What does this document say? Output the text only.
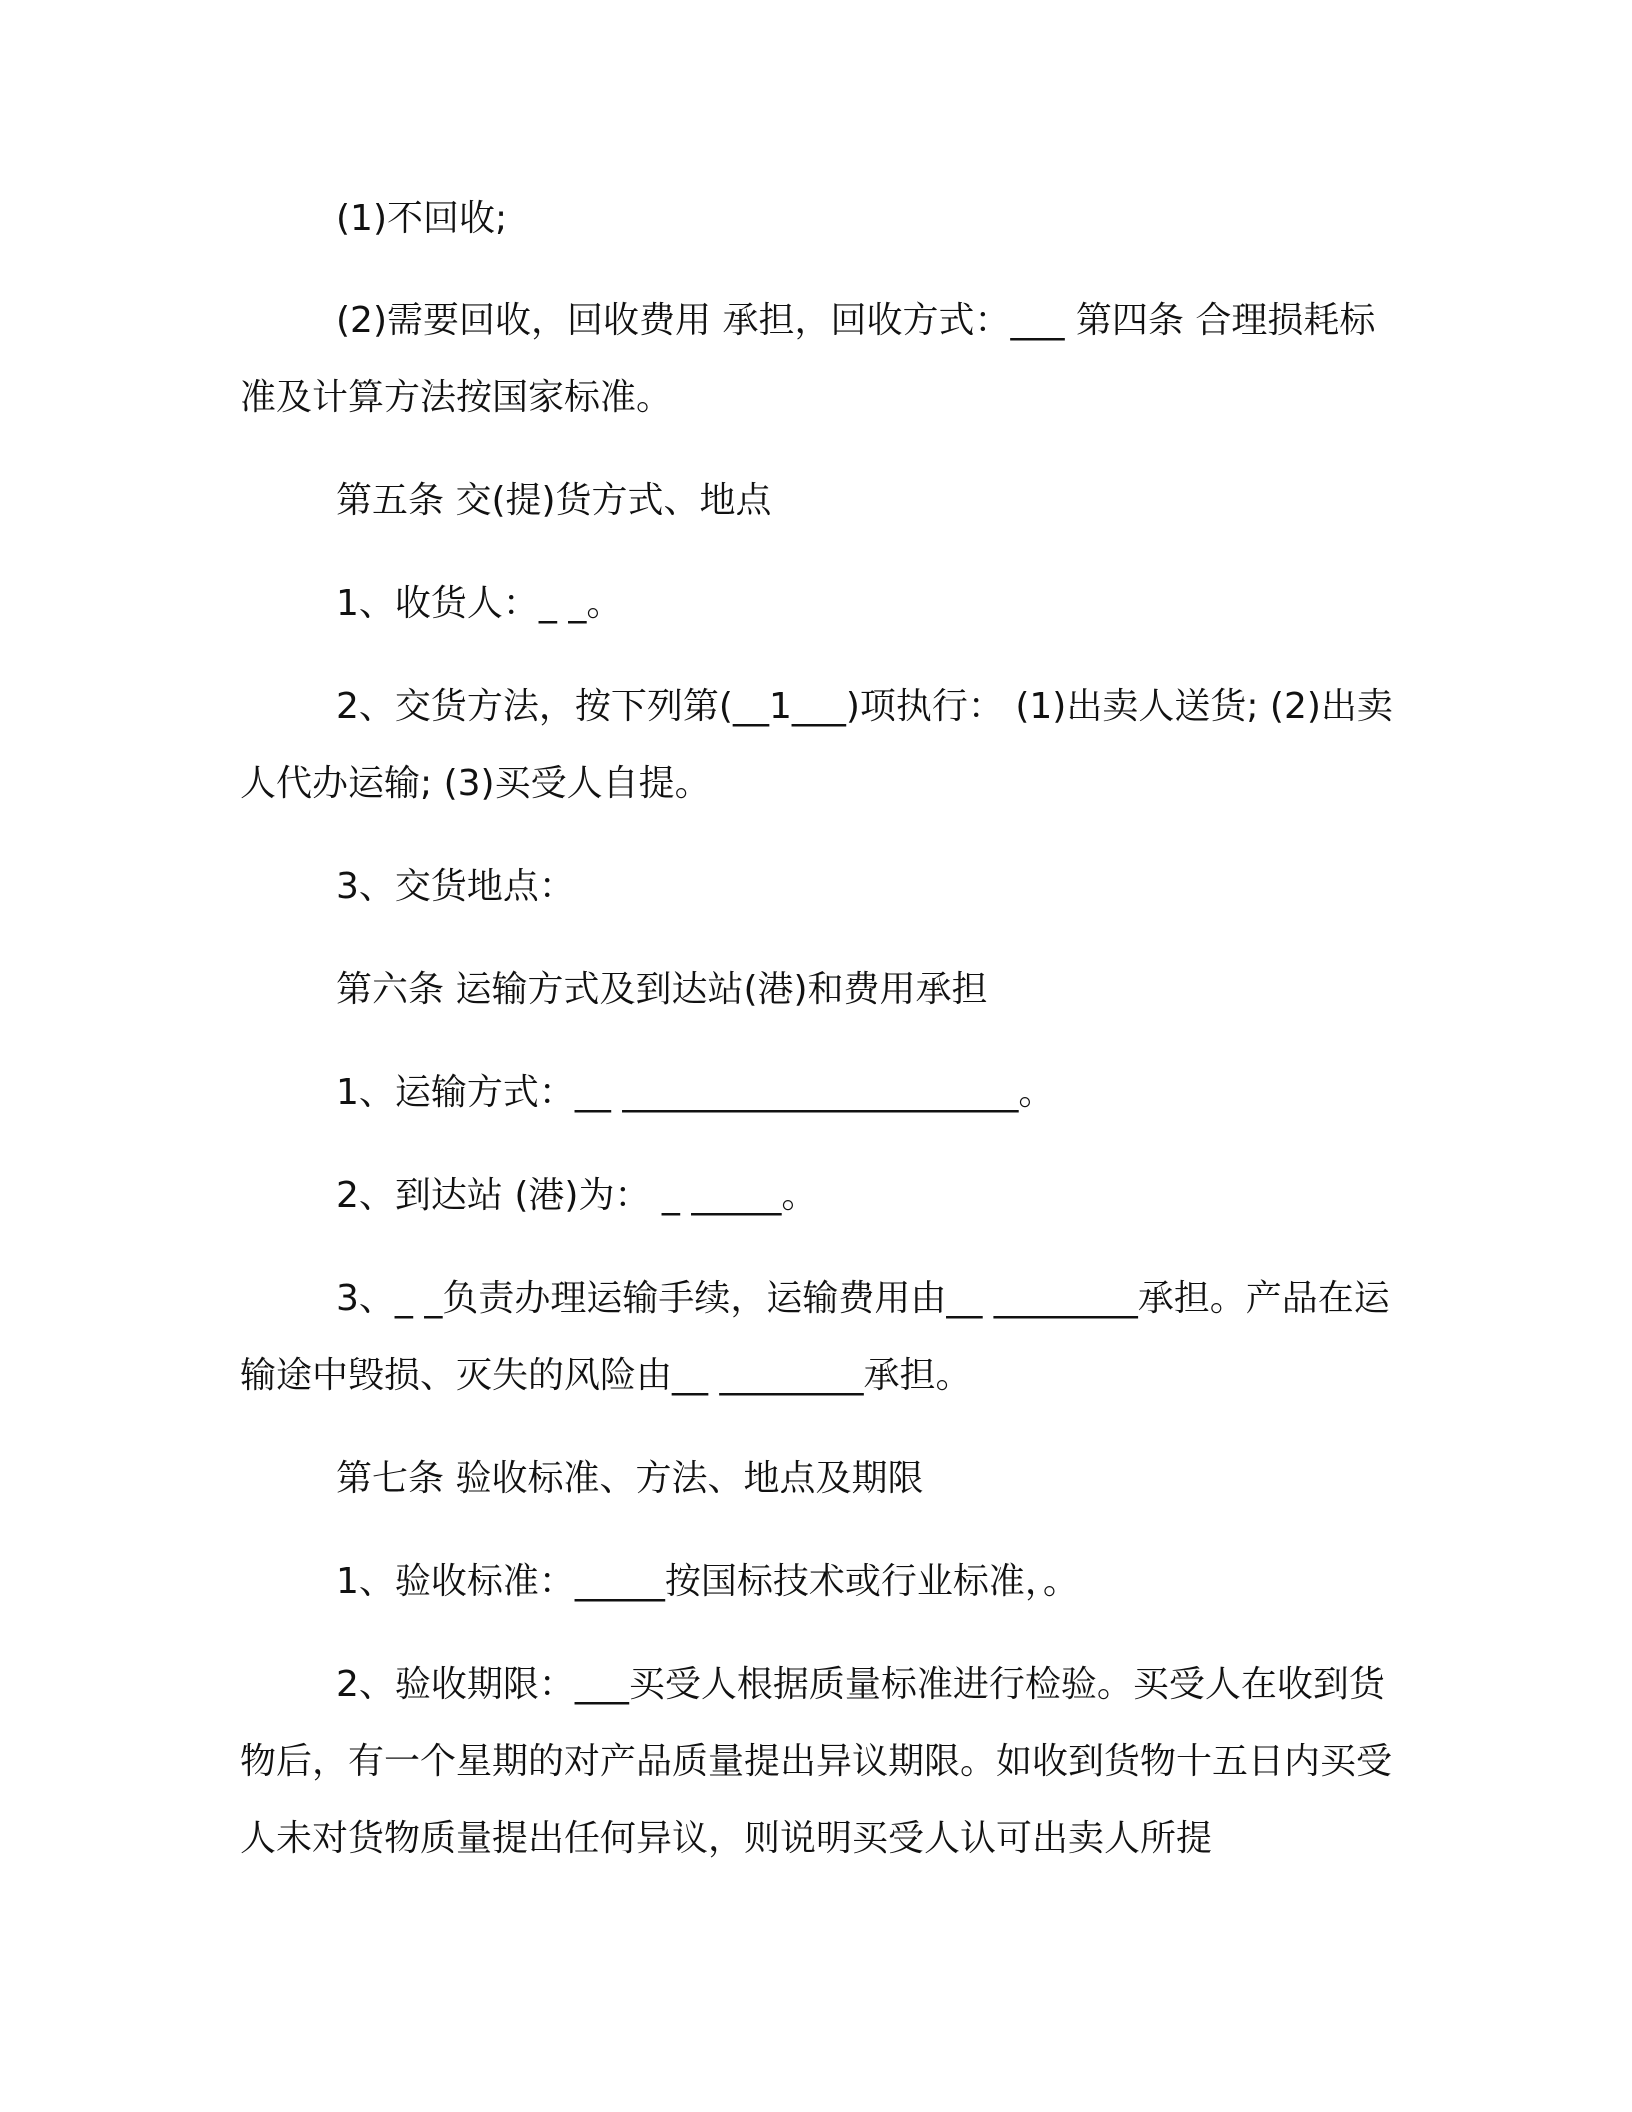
(1)不回收;

(2)需要回收，回收费用 承担，回收方式：___ 第四条 合理损耗标准及计算方法按国家标准。

第五条 交(提)货方式、地点

1、收货人：_ _。

2、交货方法，按下列第(__1___)项执行： (1)出卖人送货; (2)出卖人代办运输; (3)买受人自提。

3、交货地点：

第六条 运输方式及到达站(港)和费用承担

1、运输方式：__ ______________________。

2、到达站 (港)为： _ _____。

3、_ _负责办理运输手续，运输费用由__ ________承担。产品在运输途中毁损、灭失的风险由__ ________承担。

第七条 验收标准、方法、地点及期限

1、验收标准：_____按国标技术或行业标准，。

2、验收期限：___买受人根据质量标准进行检验。买受人在收到货物后，有一个星期的对产品质量提出异议期限。如收到货物十五日内买受人未对货物质量提出任何异议，则说明买受人认可出卖人所提
